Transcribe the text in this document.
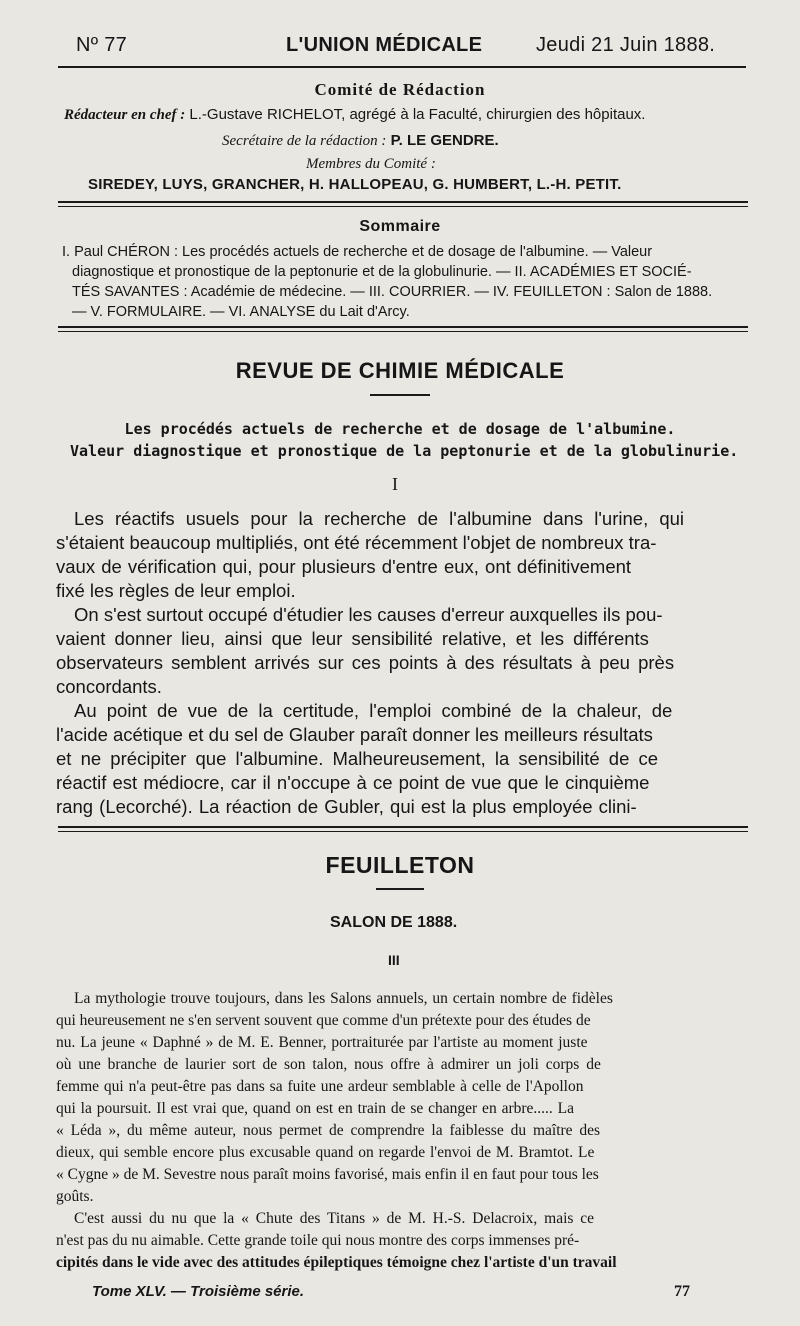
Nº 77	L'UNION MÉDICALE	Jeudi 21 Juin 1888.
Comité de Rédaction
Rédacteur en chef : L.-Gustave RICHELOT, agrégé à la Faculté, chirurgien des hôpitaux.
Secrétaire de la rédaction : P. LE GENDRE.
Membres du Comité :
SIREDEY, LUYS, GRANCHER, H. HALLOPEAU, G. HUMBERT, L.-H. PETIT.
Sommaire
I. Paul CHÉRON : Les procédés actuels de recherche et de dosage de l'albumine. — Valeur
diagnostique et pronostique de la peptonurie et de la globulinurie. — II. ACADÉMIES ET SOCIÉ-
TÉS SAVANTES : Académie de médecine. — III. COURRIER. — IV. FEUILLETON : Salon de 1888.
— V. FORMULAIRE. — VI. ANALYSE du Lait d'Arcy.
REVUE DE CHIMIE MÉDICALE
Les procédés actuels de recherche et de dosage de l'albumine.
Valeur diagnostique et pronostique de la peptonurie et de la globulinurie.
I
Les réactifs usuels pour la recherche de l'albumine dans l'urine, qui
s'étaient beaucoup multipliés, ont été récemment l'objet de nombreux tra-
vaux de vérification qui, pour plusieurs d'entre eux, ont définitivement
fixé les règles de leur emploi.
On s'est surtout occupé d'étudier les causes d'erreur auxquelles ils pou-
vaient donner lieu, ainsi que leur sensibilité relative, et les différents
observateurs semblent arrivés sur ces points à des résultats à peu près
concordants.
Au point de vue de la certitude, l'emploi combiné de la chaleur, de
l'acide acétique et du sel de Glauber paraît donner les meilleurs résultats
et ne précipiter que l'albumine. Malheureusement, la sensibilité de ce
réactif est médiocre, car il n'occupe à ce point de vue que le cinquième
rang (Lecorché). La réaction de Gubler, qui est la plus employée clini-
FEUILLETON
SALON DE 1888.
III
La mythologie trouve toujours, dans les Salons annuels, un certain nombre de fidèles
qui heureusement ne s'en servent souvent que comme d'un prétexte pour des études de
nu. La jeune « Daphné » de M. E. Benner, portraiturée par l'artiste au moment juste
où une branche de laurier sort de son talon, nous offre à admirer un joli corps de
femme qui n'a peut-être pas dans sa fuite une ardeur semblable à celle de l'Apollon
qui la poursuit. Il est vrai que, quand on est en train de se changer en arbre..... La
« Léda », du même auteur, nous permet de comprendre la faiblesse du maître des
dieux, qui semble encore plus excusable quand on regarde l'envoi de M. Bramtot. Le
« Cygne » de M. Sevestre nous paraît moins favorisé, mais enfin il en faut pour tous les
goûts.
C'est aussi du nu que la « Chute des Titans » de M. H.-S. Delacroix, mais ce
n'est pas du nu aimable. Cette grande toile qui nous montre des corps immenses pré-
cipités dans le vide avec des attitudes épileptiques témoigne chez l'artiste d'un travail
Tome XLV. — Troisième série.	77
